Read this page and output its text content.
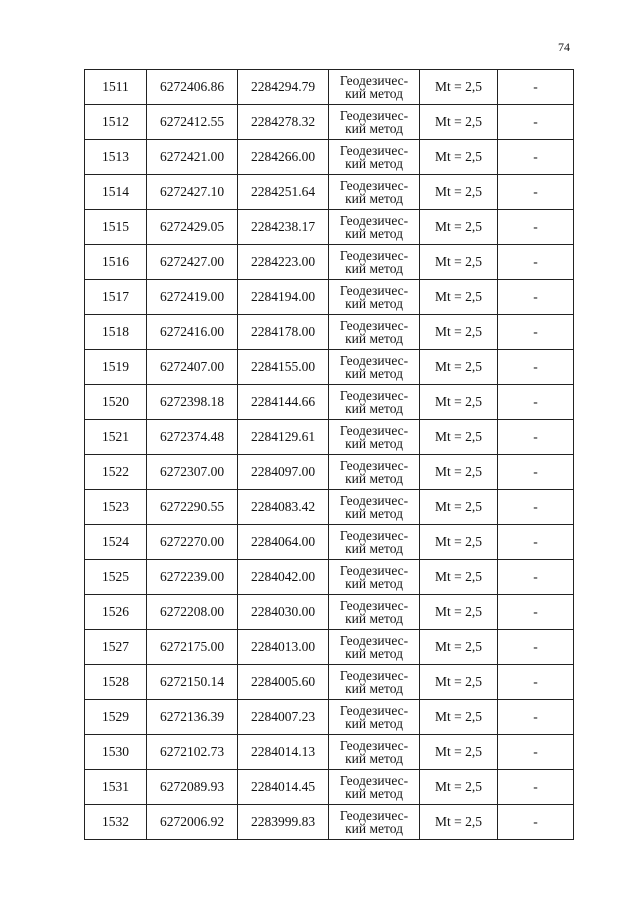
74
1511	6272406.86	2284294.79	Геодезичес-
кий метод	Mt = 2,5	-
1512	6272412.55	2284278.32	Геодезичес-
кий метод	Mt = 2,5	-
1513	6272421.00	2284266.00	Геодезичес-
кий метод	Mt = 2,5	-
1514	6272427.10	2284251.64	Геодезичес-
кий метод	Mt = 2,5	-
1515	6272429.05	2284238.17	Геодезичес-
кий метод	Mt = 2,5	-
1516	6272427.00	2284223.00	Геодезичес-
кий метод	Mt = 2,5	-
1517	6272419.00	2284194.00	Геодезичес-
кий метод	Mt = 2,5	-
1518	6272416.00	2284178.00	Геодезичес-
кий метод	Mt = 2,5	-
1519	6272407.00	2284155.00	Геодезичес-
кий метод	Mt = 2,5	-
1520	6272398.18	2284144.66	Геодезичес-
кий метод	Mt = 2,5	-
1521	6272374.48	2284129.61	Геодезичес-
кий метод	Mt = 2,5	-
1522	6272307.00	2284097.00	Геодезичес-
кий метод	Mt = 2,5	-
1523	6272290.55	2284083.42	Геодезичес-
кий метод	Mt = 2,5	-
1524	6272270.00	2284064.00	Геодезичес-
кий метод	Mt = 2,5	-
1525	6272239.00	2284042.00	Геодезичес-
кий метод	Mt = 2,5	-
1526	6272208.00	2284030.00	Геодезичес-
кий метод	Mt = 2,5	-
1527	6272175.00	2284013.00	Геодезичес-
кий метод	Mt = 2,5	-
1528	6272150.14	2284005.60	Геодезичес-
кий метод	Mt = 2,5	-
1529	6272136.39	2284007.23	Геодезичес-
кий метод	Mt = 2,5	-
1530	6272102.73	2284014.13	Геодезичес-
кий метод	Mt = 2,5	-
1531	6272089.93	2284014.45	Геодезичес-
кий метод	Mt = 2,5	-
1532	6272006.92	2283999.83	Геодезичес-
кий метод	Mt = 2,5	-
